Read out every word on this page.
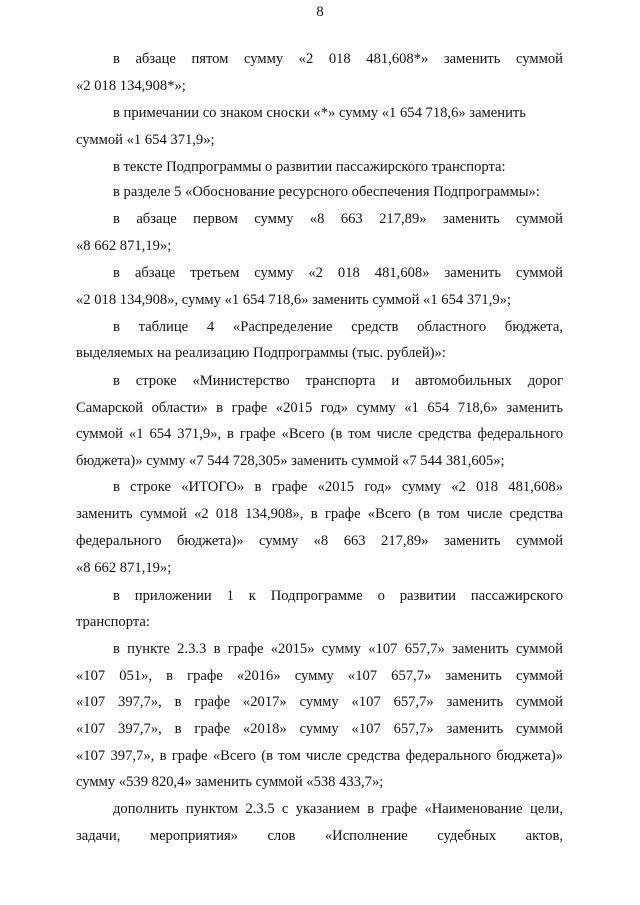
8
в абзаце пятом сумму «2 018 481,608*» заменить суммой
«2 018 134,908*»;
в примечании со знаком сноски «*» сумму «1 654 718,6» заменить
суммой «1 654 371,9»;
в тексте Подпрограммы о развитии пассажирского транспорта:
в разделе 5 «Обоснование ресурсного обеспечения Подпрограммы»:
в абзаце первом сумму «8 663 217,89» заменить суммой
«8 662 871,19»;
в абзаце третьем сумму «2 018 481,608» заменить суммой
«2 018 134,908», сумму «1 654 718,6» заменить суммой «1 654 371,9»;
в таблице 4 «Распределение средств областного бюджета,
выделяемых на реализацию Подпрограммы (тыс. рублей)»:
в строке «Министерство транспорта и автомобильных дорог
Самарской области» в графе «2015 год» сумму «1 654 718,6» заменить
суммой «1 654 371,9», в графе «Всего (в том числе средства федерального
бюджета)» сумму «7 544 728,305» заменить суммой «7 544 381,605»;
в строке «ИТОГО» в графе «2015 год» сумму «2 018 481,608»
заменить суммой «2 018 134,908», в графе «Всего (в том числе средства
федерального бюджета)» сумму «8 663 217,89» заменить суммой
«8 662 871,19»;
в приложении 1 к Подпрограмме о развитии пассажирского
транспорта:
в пункте 2.3.3 в графе «2015» сумму «107 657,7» заменить суммой
«107 051», в графе «2016» сумму «107 657,7» заменить суммой
«107 397,7», в графе «2017» сумму «107 657,7» заменить суммой
«107 397,7», в графе «2018» сумму «107 657,7» заменить суммой
«107 397,7», в графе «Всего (в том числе средства федерального бюджета)»
сумму «539 820,4» заменить суммой «538 433,7»;
дополнить пунктом 2.3.5 с указанием в графе «Наименование цели,
задачи, мероприятия» слов «Исполнение судебных актов,
